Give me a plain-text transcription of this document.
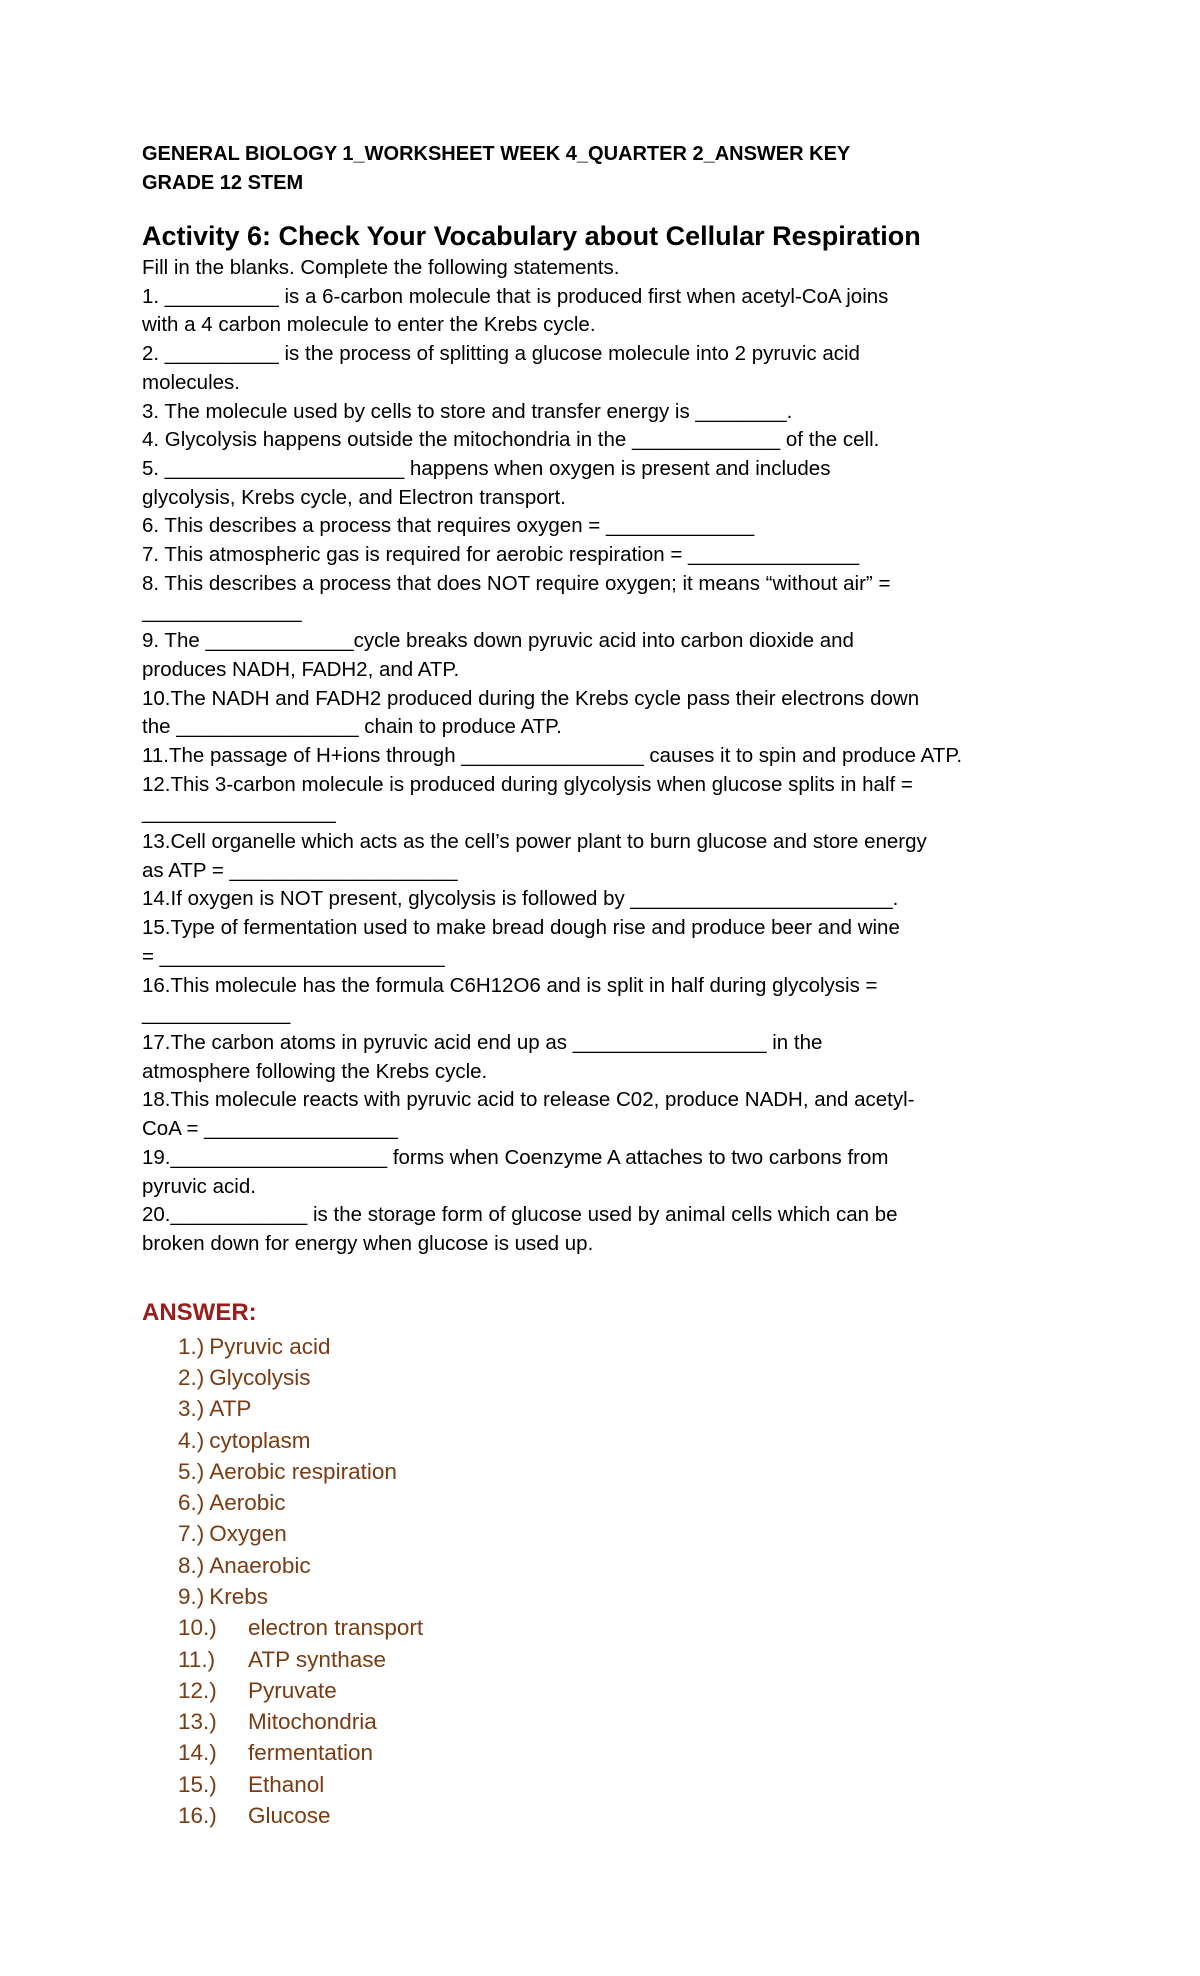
GENERAL BIOLOGY 1_WORKSHEET WEEK 4_QUARTER 2_ANSWER KEY

GRADE 12 STEM

Activity 6: Check Your Vocabulary about Cellular Respiration

Fill in the blanks. Complete the following statements.

1. __________ is a 6-carbon molecule that is produced first when acetyl-CoA joins

with a 4 carbon molecule to enter the Krebs cycle.

2. __________ is the process of splitting a glucose molecule into 2 pyruvic acid

molecules.

3. The molecule used by cells to store and transfer energy is ________.

4. Glycolysis happens outside the mitochondria in the _____________ of the cell.

5. _____________________ happens when oxygen is present and includes

glycolysis, Krebs cycle, and Electron transport.

6. This describes a process that requires oxygen = _____________

7. This atmospheric gas is required for aerobic respiration = _______________

8. This describes a process that does NOT require oxygen; it means “without air” =

______________

9. The _____________cycle breaks down pyruvic acid into carbon dioxide and

produces NADH, FADH2, and ATP.

10.The NADH and FADH2 produced during the Krebs cycle pass their electrons down

the ________________ chain to produce ATP.

11.The passage of H+ions through ________________ causes it to spin and produce ATP.

12.This 3-carbon molecule is produced during glycolysis when glucose splits in half =

_________________

13.Cell organelle which acts as the cell’s power plant to burn glucose and store energy

as ATP = ____________________

14.If oxygen is NOT present, glycolysis is followed by _______________________.

15.Type of fermentation used to make bread dough rise and produce beer and wine

= _________________________

16.This molecule has the formula C6H12O6 and is split in half during glycolysis =

_____________

17.The carbon atoms in pyruvic acid end up as _________________ in the

atmosphere following the Krebs cycle.

18.This molecule reacts with pyruvic acid to release C02, produce NADH, and acetyl-

CoA = _________________

19.___________________ forms when Coenzyme A attaches to two carbons from

pyruvic acid.

20.____________ is the storage form of glucose used by animal cells which can be

broken down for energy when glucose is used up.

ANSWER:

1.) Pyruvic acid
2.) Glycolysis
3.) ATP
4.) cytoplasm
5.) Aerobic respiration
6.) Aerobic
7.) Oxygen
8.) Anaerobic
9.) Krebs
10.) electron transport
11.) ATP synthase
12.) Pyruvate
13.) Mitochondria
14.) fermentation
15.) Ethanol
16.) Glucose
